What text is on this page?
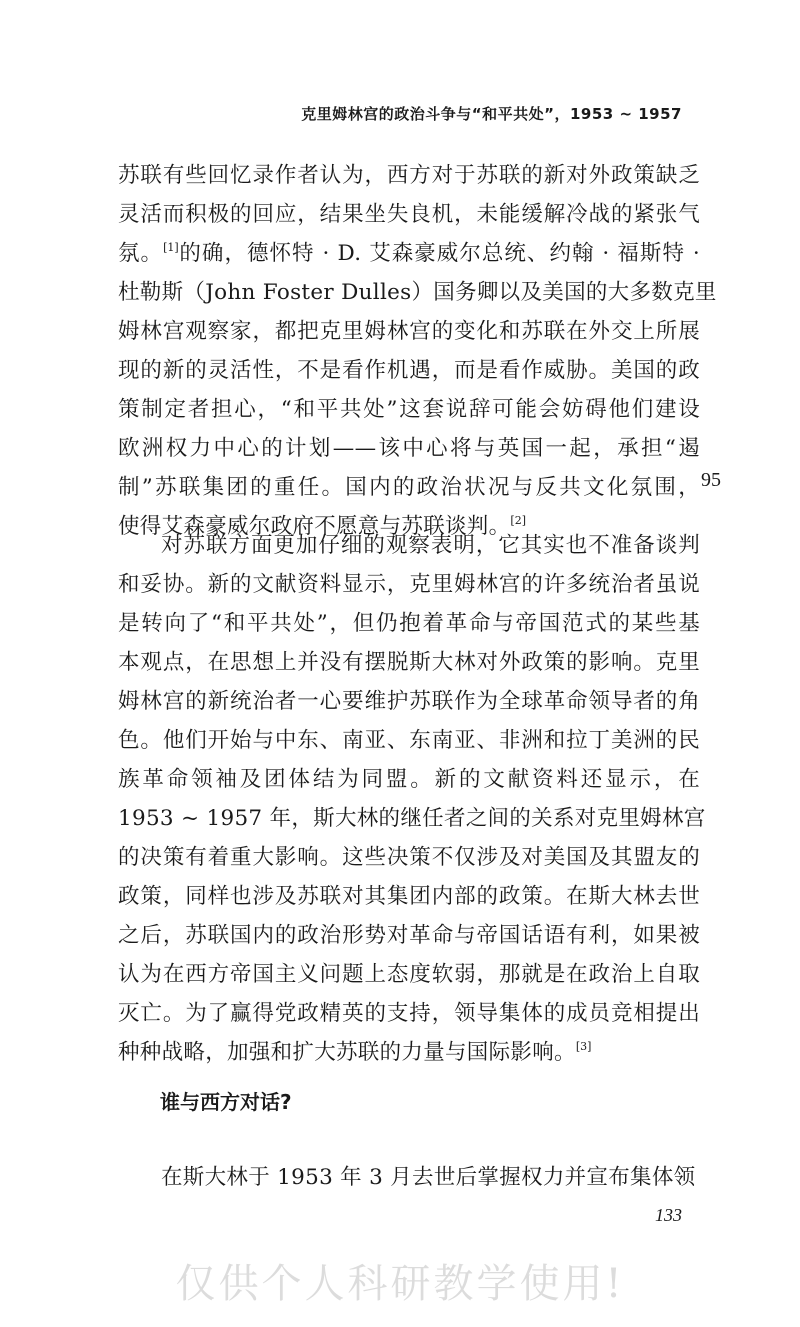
克里姆林宫的政治斗争与“和平共处”，1953 ~ 1957
苏联有些回忆录作者认为，西方对于苏联的新对外政策缺乏
灵活而积极的回应，结果坐失良机，未能缓解冷战的紧张气
氛。[1]的确，德怀特 · D. 艾森豪威尔总统、约翰 · 福斯特 ·
杜勒斯（John Foster Dulles）国务卿以及美国的大多数克里
姆林宫观察家，都把克里姆林宫的变化和苏联在外交上所展
现的新的灵活性，不是看作机遇，而是看作威胁。美国的政
策制定者担心，“和平共处”这套说辞可能会妨碍他们建设
欧洲权力中心的计划——该中心将与英国一起，承担“遏
制”苏联集团的重任。国内的政治状况与反共文化氛围，
使得艾森豪威尔政府不愿意与苏联谈判。[2]
95
对苏联方面更加仔细的观察表明，它其实也不准备谈判
和妥协。新的文献资料显示，克里姆林宫的许多统治者虽说
是转向了“和平共处”，但仍抱着革命与帝国范式的某些基
本观点，在思想上并没有摆脱斯大林对外政策的影响。克里
姆林宫的新统治者一心要维护苏联作为全球革命领导者的角
色。他们开始与中东、南亚、东南亚、非洲和拉丁美洲的民
族革命领袖及团体结为同盟。新的文献资料还显示，在
1953 ~ 1957 年，斯大林的继任者之间的关系对克里姆林宫
的决策有着重大影响。这些决策不仅涉及对美国及其盟友的
政策，同样也涉及苏联对其集团内部的政策。在斯大林去世
之后，苏联国内的政治形势对革命与帝国话语有利，如果被
认为在西方帝国主义问题上态度软弱，那就是在政治上自取
灭亡。为了赢得党政精英的支持，领导集体的成员竞相提出
种种战略，加强和扩大苏联的力量与国际影响。[3]
谁与西方对话?
在斯大林于 1953 年 3 月去世后掌握权力并宣布集体领
133
仅供个人科研教学使用!
